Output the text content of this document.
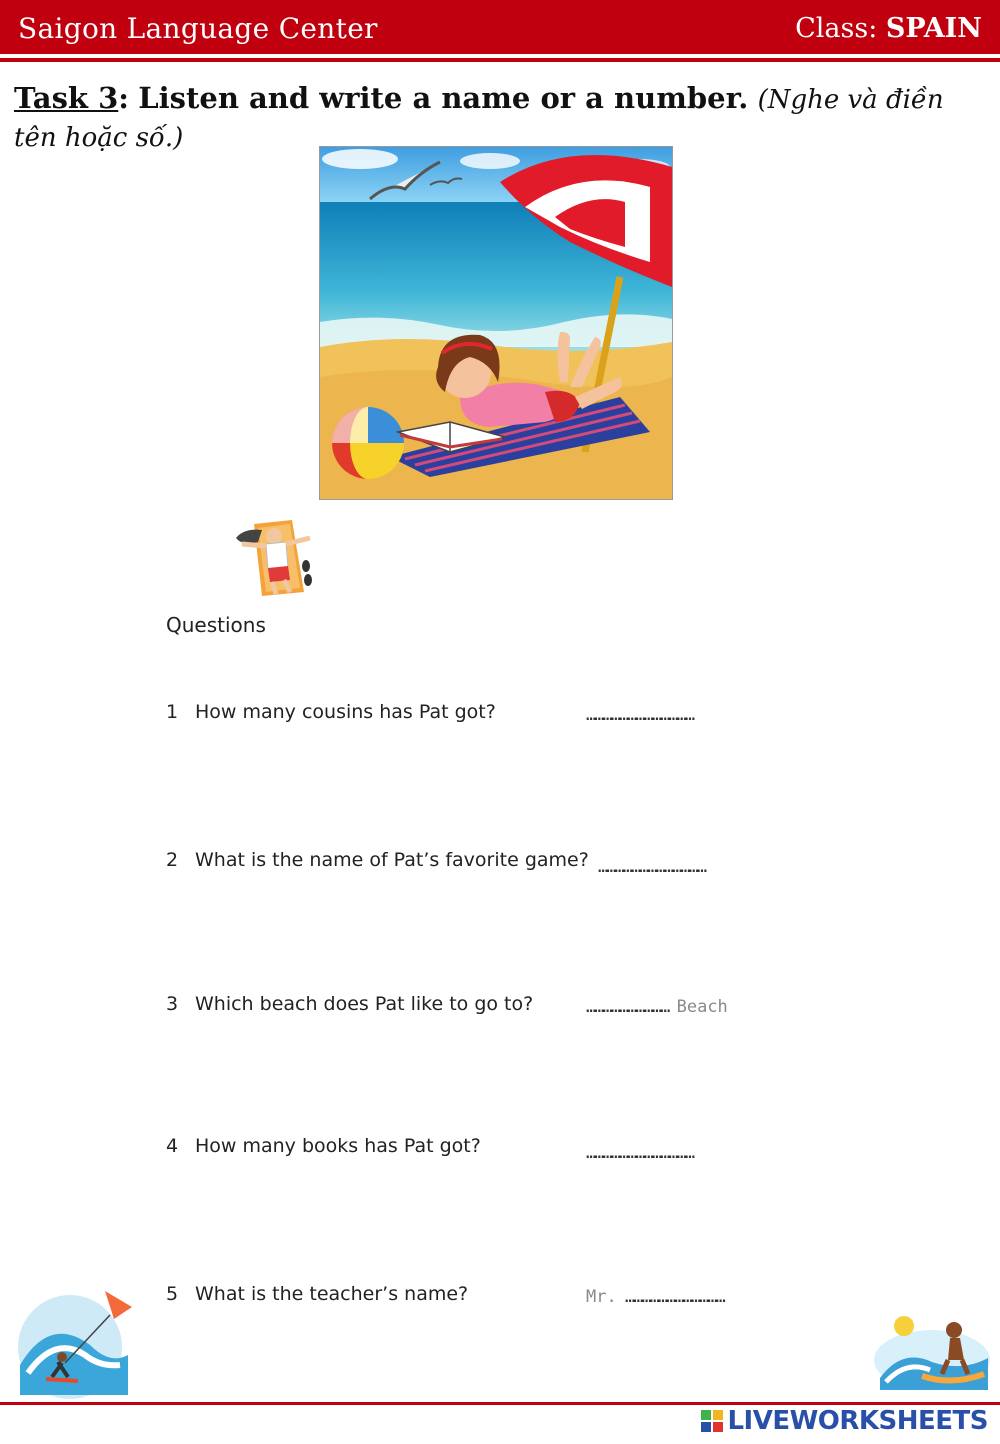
Saigon Language Center	Class: SPAIN
Task 3: Listen and write a name or a number. (Nghe và điền tên hoặc số.)
Questions
1 How many cousins has Pat got?	…………………………………
2 What is the name of Pat’s favorite game? …………………………………
3 Which beach does Pat like to go to?	………………………… Beach
4 How many books has Pat got?	…………………………………
5 What is the teacher’s name?	Mr. ………………………………
LIVEWORKSHEETS
